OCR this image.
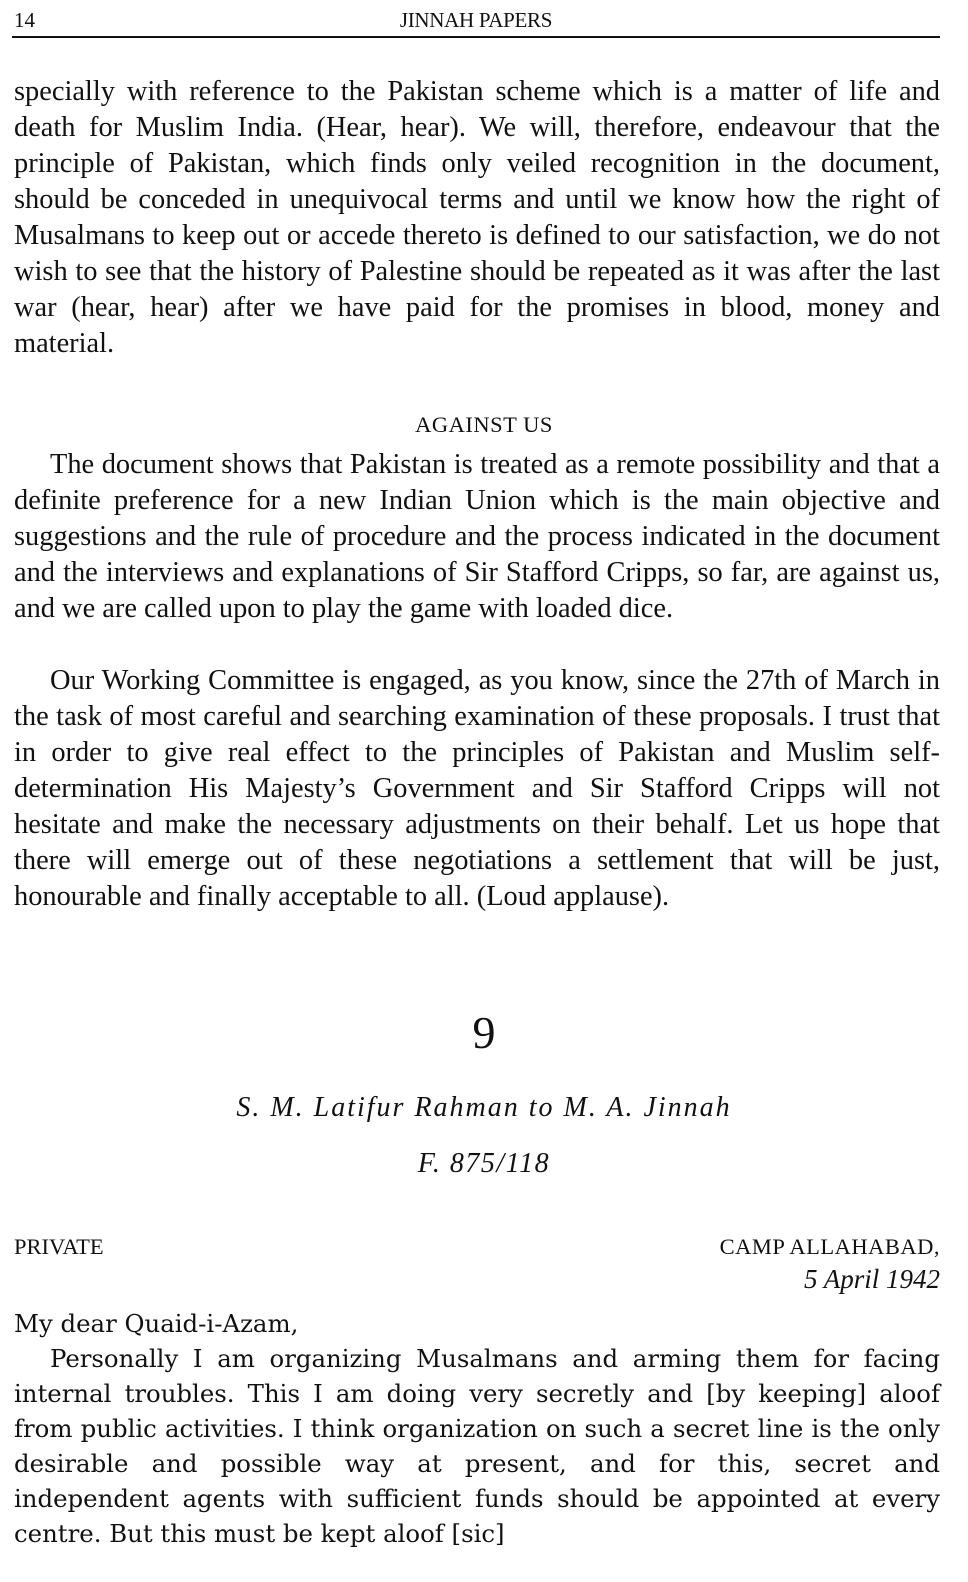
14	JINNAH PAPERS

specially with reference to the Pakistan scheme which is a matter of life and death for Muslim India. (Hear, hear). We will, therefore, endeavour that the principle of Pakistan, which finds only veiled recognition in the document, should be conceded in unequivocal terms and until we know how the right of Musalmans to keep out or accede thereto is defined to our satisfaction, we do not wish to see that the history of Palestine should be repeated as it was after the last war (hear, hear) after we have paid for the promises in blood, money and material.

AGAINST US

The document shows that Pakistan is treated as a remote possibility and that a definite preference for a new Indian Union which is the main objective and suggestions and the rule of procedure and the process indicated in the document and the interviews and explanations of Sir Stafford Cripps, so far, are against us, and we are called upon to play the game with loaded dice.

Our Working Committee is engaged, as you know, since the 27th of March in the task of most careful and searching examination of these proposals. I trust that in order to give real effect to the principles of Pakistan and Muslim self-determination His Majesty’s Government and Sir Stafford Cripps will not hesitate and make the necessary adjustments on their behalf. Let us hope that there will emerge out of these negotiations a settlement that will be just, honourable and finally acceptable to all. (Loud applause).

9

S. M. Latifur Rahman to M. A. Jinnah

F. 875/118

PRIVATE	CAMP ALLAHABAD,

5 April 1942

My dear Quaid-i-Azam,

Personally I am organizing Musalmans and arming them for facing internal troubles. This I am doing very secretly and [by keeping] aloof from public activities. I think organization on such a secret line is the only desirable and possible way at present, and for this, secret and independent agents with sufficient funds should be appointed at every centre. But this must be kept aloof [sic]
